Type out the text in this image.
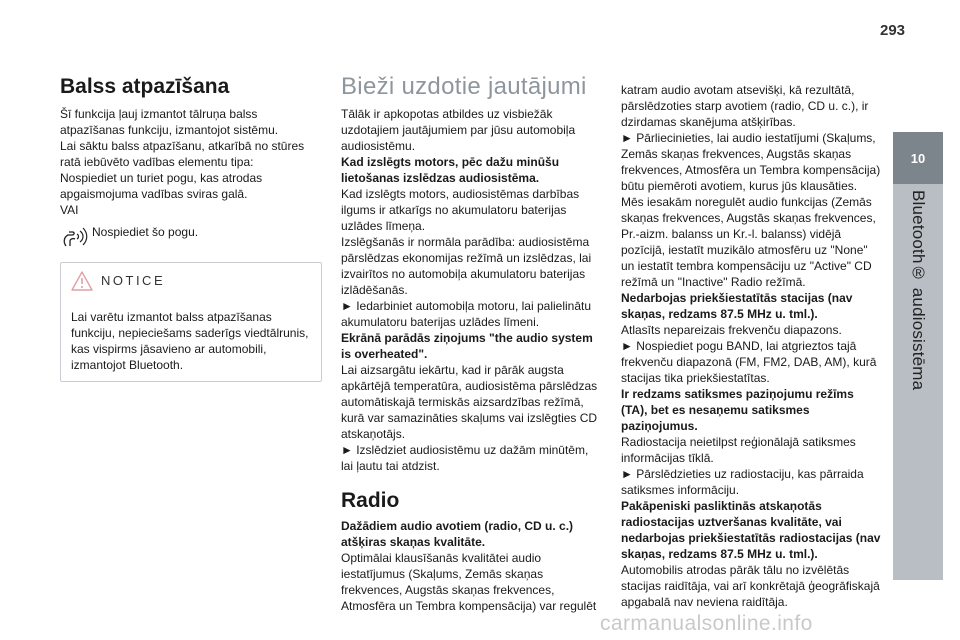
293
10
Bluetooth® audiosistēma
Balss atpazīšana

Šī funkcija ļauj izmantot tālruņa balss atpazīšanas funkciju, izmantojot sistēmu.

Lai sāktu balss atpazīšanu, atkarībā no stūres ratā iebūvēto vadības elementu tipa:

Nospiediet un turiet pogu, kas atrodas apgaismojuma vadības sviras galā.

VAI

Nospiediet šo pogu.
NOTICE

Lai varētu izmantot balss atpazīšanas funkciju, nepieciešams saderīgs viedtālrunis, kas vispirms jāsavieno ar automobili, izmantojot Bluetooth.

Bieži uzdotie jautājumi

Tālāk ir apkopotas atbildes uz visbiežāk uzdotajiem jautājumiem par jūsu automobiļa audiosistēmu.

Kad izslēgts motors, pēc dažu minūšu lietošanas izslēdzas audiosistēma.

Kad izslēgts motors, audiosistēmas darbības ilgums ir atkarīgs no akumulatoru baterijas uzlādes līmeņa.

Izslēgšanās ir normāla parādība: audiosistēma pārslēdzas ekonomijas režīmā un izslēdzas, lai izvairītos no automobiļa akumulatoru baterijas izlādēšanās.

► Iedarbiniet automobiļa motoru, lai palielinātu akumulatoru baterijas uzlādes līmeni.

Ekrānā parādās ziņojums "the audio system is overheated".

Lai aizsargātu iekārtu, kad ir pārāk augsta apkārtējā temperatūra, audiosistēma pārslēdzas automātiskajā termiskās aizsardzības režīmā, kurā var samazināties skaļums vai izslēgties CD atskaņotājs.

► Izslēdziet audiosistēmu uz dažām minūtēm, lai ļautu tai atdzist.

Radio

Dažādiem audio avotiem (radio, CD u. c.) atšķiras skaņas kvalitāte.

Optimālai klausīšanās kvalitātei audio iestatījumus (Skaļums, Zemās skaņas frekvences, Augstās skaņas frekvences, Atmosfēra un Tembra kompensācija) var regulēt

katram audio avotam atsevišķi, kā rezultātā, pārslēdzoties starp avotiem (radio, CD u. c.), ir dzirdamas skanējuma atšķirības.

► Pārliecinieties, lai audio iestatījumi (Skaļums, Zemās skaņas frekvences, Augstās skaņas frekvences, Atmosfēra un Tembra kompensācija) būtu piemēroti avotiem, kurus jūs klausāties. Mēs iesakām noregulēt audio funkcijas (Zemās skaņas frekvences, Augstās skaņas frekvences, Pr.-aizm. balanss un Kr.-l. balanss) vidējā pozīcijā, iestatīt muzikālo atmosfēru uz "None" un iestatīt tembra kompensāciju uz "Active" CD režīmā un "Inactive" Radio režīmā.

Nedarbojas priekšiestatītās stacijas (nav skaņas, redzams 87.5 MHz u. tml.).

Atlasīts nepareizais frekvenču diapazons.

► Nospiediet pogu BAND, lai atgrieztos tajā frekvenču diapazonā (FM, FM2, DAB, AM), kurā stacijas tika priekšiestatītas.

Ir redzams satiksmes paziņojumu režīms (TA), bet es nesaņemu satiksmes paziņojumus.

Radiostacija neietilpst reģionālajā satiksmes informācijas tīklā.

► Pārslēdzieties uz radiostaciju, kas pārraida satiksmes informāciju.

Pakāpeniski pasliktinās atskaņotās radiostacijas uztveršanas kvalitāte, vai nedarbojas priekšiestatītās radiostacijas (nav skaņas, redzams 87.5 MHz u. tml.).

Automobilis atrodas pārāk tālu no izvēlētās stacijas raidītāja, vai arī konkrētajā ģeogrāfiskajā apgabalā nav neviena raidītāja.

carmanualsonline.info
